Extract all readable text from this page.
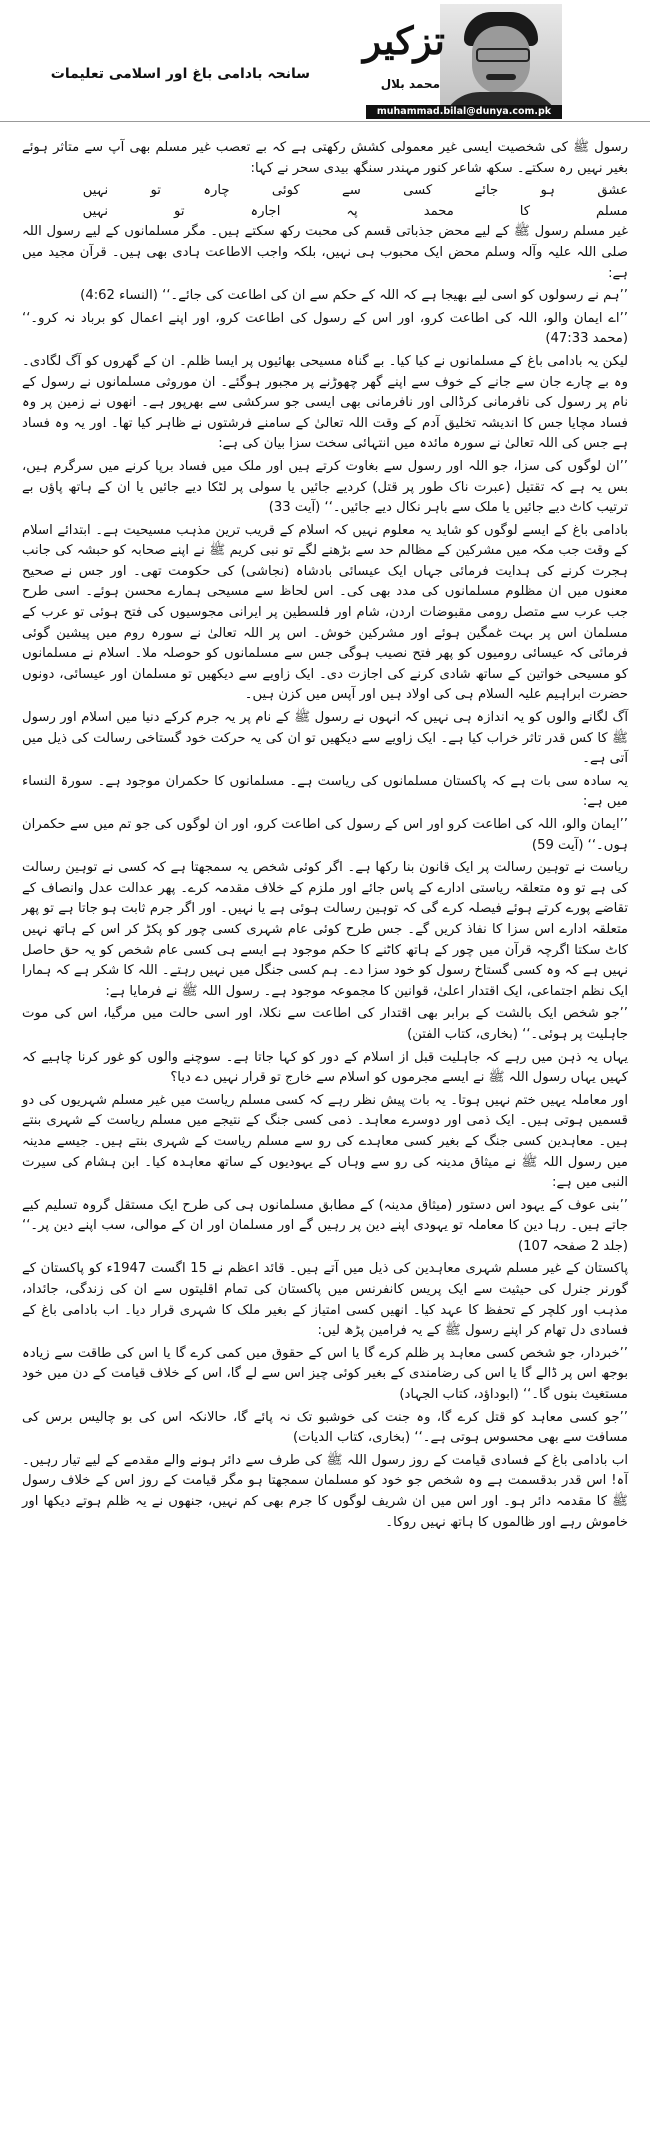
تزکیر
محمد بلال
muhammad.bilal@dunya.com.pk
سانحہ بادامی باغ اور اسلامی تعلیمات

رسول ﷺ کی شخصیت ایسی غیر معمولی کشش رکھتی ہے کہ بے تعصب غیر مسلم بھی آپ سے متاثر ہوئے بغیر نہیں رہ سکتے۔ سکھ شاعر کنور مہندر سنگھ بیدی سحر نے کہا:

عشق
ہو
جائے
کسی
سے
کوئی
چارہ
تو
نہیں
مسلم
کا
محمد
پہ
اجارہ
تو
نہیں

غیر مسلم رسول ﷺ کے لیے محض جذباتی قسم کی محبت رکھ سکتے ہیں۔ مگر مسلمانوں کے لیے رسول اللہ صلی اللہ علیہ وآلہ وسلم محض ایک محبوب ہی نہیں، بلکہ واجب الاطاعت ہادی بھی ہیں۔ قرآن مجید میں ہے:

’’ہم نے رسولوں کو اسی لیے بھیجا ہے کہ اللہ کے حکم سے ان کی اطاعت کی جائے۔‘‘ (النساء 4:62)

’’اے ایمان والو، اللہ کی اطاعت کرو، اور اس کے رسول کی اطاعت کرو، اور اپنے اعمال کو برباد نہ کرو۔‘‘ (محمد 47:33)

لیکن یہ بادامی باغ کے مسلمانوں نے کیا کیا۔ بے گناہ مسیحی بھائیوں پر ایسا ظلم۔ ان کے گھروں کو آگ لگادی۔ وہ بے چارے جان سے جانے کے خوف سے اپنے گھر چھوڑنے پر مجبور ہوگئے۔ ان موروثی مسلمانوں نے رسول کے نام پر رسول کی نافرمانی کرڈالی اور نافرمانی بھی ایسی جو سرکشی سے بھرپور ہے۔ انھوں نے زمین پر وہ فساد مچایا جس کا اندیشہ تخلیق آدم کے وقت اللہ تعالیٰ کے سامنے فرشتوں نے ظاہر کیا تھا۔ اور یہ وہ فساد ہے جس کی اللہ تعالیٰ نے سورہ مائدہ میں انتہائی سخت سزا بیان کی ہے:

’’ان لوگوں کی سزا، جو اللہ اور رسول سے بغاوت کرتے ہیں اور ملک میں فساد برپا کرنے میں سرگرم ہیں، بس یہ ہے کہ تقتیل (عبرت ناک طور پر قتل) کردیے جائیں یا سولی پر لٹکا دیے جائیں یا ان کے ہاتھ پاؤں بے ترتیب کاٹ دیے جائیں یا ملک سے باہر نکال دیے جائیں۔‘‘ (آیت 33)

بادامی باغ کے ایسے لوگوں کو شاید یہ معلوم نہیں کہ اسلام کے قریب ترین مذہب مسیحیت ہے۔ ابتدائے اسلام کے وقت جب مکہ میں مشرکین کے مظالم حد سے بڑھنے لگے تو نبی کریم ﷺ نے اپنے صحابہ کو حبشہ کی جانب ہجرت کرنے کی ہدایت فرمائی جہاں ایک عیسائی بادشاہ (نجاشی) کی حکومت تھی۔ اور جس نے صحیح معنوں میں ان مظلوم مسلمانوں کی مدد بھی کی۔ اس لحاظ سے مسیحی ہمارے محسن ہوئے۔ اسی طرح جب عرب سے متصل رومی مقبوضات اردن، شام اور فلسطین پر ایرانی مجوسیوں کی فتح ہوئی تو عرب کے مسلمان اس پر بہت غمگین ہوئے اور مشرکین خوش۔ اس پر اللہ تعالیٰ نے سورہ روم میں پیشین گوئی فرمائی کہ عیسائی رومیوں کو پھر فتح نصیب ہوگی جس سے مسلمانوں کو حوصلہ ملا۔ اسلام نے مسلمانوں کو مسیحی خواتین کے ساتھ شادی کرنے کی اجازت دی۔ ایک زاویے سے دیکھیں تو مسلمان اور عیسائی، دونوں حضرت ابراہیم علیہ السلام ہی کی اولاد ہیں اور آپس میں کزن ہیں۔

آگ لگانے والوں کو یہ اندازہ ہی نہیں کہ انہوں نے رسول ﷺ کے نام پر یہ جرم کرکے دنیا میں اسلام اور رسول ﷺ کا کس قدر تاثر خراب کیا ہے۔ ایک زاویے سے دیکھیں تو ان کی یہ حرکت خود گستاخی رسالت کی ذیل میں آتی ہے۔

یہ سادہ سی بات ہے کہ پاکستان مسلمانوں کی ریاست ہے۔ مسلمانوں کا حکمران موجود ہے۔ سورۃ النساء میں ہے:

’’ایمان والو، اللہ کی اطاعت کرو اور اس کے رسول کی اطاعت کرو، اور ان لوگوں کی جو تم میں سے حکمران ہوں۔‘‘ (آیت 59)

ریاست نے توہین رسالت پر ایک قانون بنا رکھا ہے۔ اگر کوئی شخص یہ سمجھتا ہے کہ کسی نے توہین رسالت کی ہے تو وہ متعلقہ ریاستی ادارے کے پاس جائے اور ملزم کے خلاف مقدمہ کرے۔ پھر عدالت عدل وانصاف کے تقاضے پورے کرتے ہوئے فیصلہ کرے گی کہ توہین رسالت ہوئی ہے یا نہیں۔ اور اگر جرم ثابت ہو جاتا ہے تو پھر متعلقہ ادارے اس سزا کا نفاذ کریں گے۔ جس طرح کوئی عام شہری کسی چور کو پکڑ کر اس کے ہاتھ نہیں کاٹ سکتا اگرچہ قرآن میں چور کے ہاتھ کاٹنے کا حکم موجود ہے ایسے ہی کسی عام شخص کو یہ حق حاصل نہیں ہے کہ وہ کسی گستاخ رسول کو خود سزا دے۔ ہم کسی جنگل میں نہیں رہتے۔ اللہ کا شکر ہے کہ ہمارا ایک نظم اجتماعی، ایک اقتدار اعلیٰ، قوانین کا مجموعہ موجود ہے۔ رسول اللہ ﷺ نے فرمایا ہے:

’’جو شخص ایک بالشت کے برابر بھی اقتدار کی اطاعت سے نکلا، اور اسی حالت میں مرگیا، اس کی موت جاہلیت پر ہوئی۔‘‘ (بخاری، کتاب الفتن)

یہاں یہ ذہن میں رہے کہ جاہلیت قبل از اسلام کے دور کو کہا جاتا ہے۔ سوچنے والوں کو غور کرنا چاہیے کہ کہیں یہاں رسول اللہ ﷺ نے ایسے مجرموں کو اسلام سے خارج تو قرار نہیں دے دیا؟

اور معاملہ یہیں ختم نہیں ہوتا۔ یہ بات پیش نظر رہے کہ کسی مسلم ریاست میں غیر مسلم شہریوں کی دو قسمیں ہوتی ہیں۔ ایک ذمی اور دوسرے معاہد۔ ذمی کسی جنگ کے نتیجے میں مسلم ریاست کے شہری بنتے ہیں۔ معاہدین کسی جنگ کے بغیر کسی معاہدے کی رو سے مسلم ریاست کے شہری بنتے ہیں۔ جیسے مدینہ میں رسول اللہ ﷺ نے میثاق مدینہ کی رو سے وہاں کے یہودیوں کے ساتھ معاہدہ کیا۔ ابن ہشام کی سیرت النبی میں ہے:

’’بنی عوف کے یہود اس دستور (میثاق مدینہ) کے مطابق مسلمانوں ہی کی طرح ایک مستقل گروہ تسلیم کیے جاتے ہیں۔ رہا دین کا معاملہ تو یہودی اپنے دین پر رہیں گے اور مسلمان اور ان کے موالی، سب اپنے دین پر۔‘‘ (جلد 2 صفحہ 107)

پاکستان کے غیر مسلم شہری معاہدین کی ذیل میں آتے ہیں۔ قائد اعظم نے 15 اگست 1947ء کو پاکستان کے گورنر جنرل کی حیثیت سے ایک پریس کانفرنس میں پاکستان کی تمام اقلیتوں سے ان کی زندگی، جائداد، مذہب اور کلچر کے تحفظ کا عہد کیا۔ انھیں کسی امتیاز کے بغیر ملک کا شہری قرار دیا۔ اب بادامی باغ کے فسادی دل تھام کر اپنے رسول ﷺ کے یہ فرامین پڑھ لیں:

’’خبردار، جو شخص کسی معاہد پر ظلم کرے گا یا اس کے حقوق میں کمی کرے گا یا اس کی طاقت سے زیادہ بوجھ اس پر ڈالے گا یا اس کی رضامندی کے بغیر کوئی چیز اس سے لے گا، اس کے خلاف قیامت کے دن میں خود مستغیث بنوں گا۔‘‘ (ابوداؤد، کتاب الجہاد)

’’جو کسی معاہد کو قتل کرے گا، وہ جنت کی خوشبو تک نہ پائے گا، حالانکہ اس کی بو چالیس برس کی مسافت سے بھی محسوس ہوتی ہے۔‘‘ (بخاری، کتاب الدیات)

اب بادامی باغ کے فسادی قیامت کے روز رسول اللہ ﷺ کی طرف سے دائر ہونے والے مقدمے کے لیے تیار رہیں۔ آہ! اس قدر بدقسمت ہے وہ شخص جو خود کو مسلمان سمجھتا ہو مگر قیامت کے روز اس کے خلاف رسول ﷺ کا مقدمہ دائر ہو۔ اور اس میں ان شریف لوگوں کا جرم بھی کم نہیں، جنھوں نے یہ ظلم ہوتے دیکھا اور خاموش رہے اور ظالموں کا ہاتھ نہیں روکا۔
